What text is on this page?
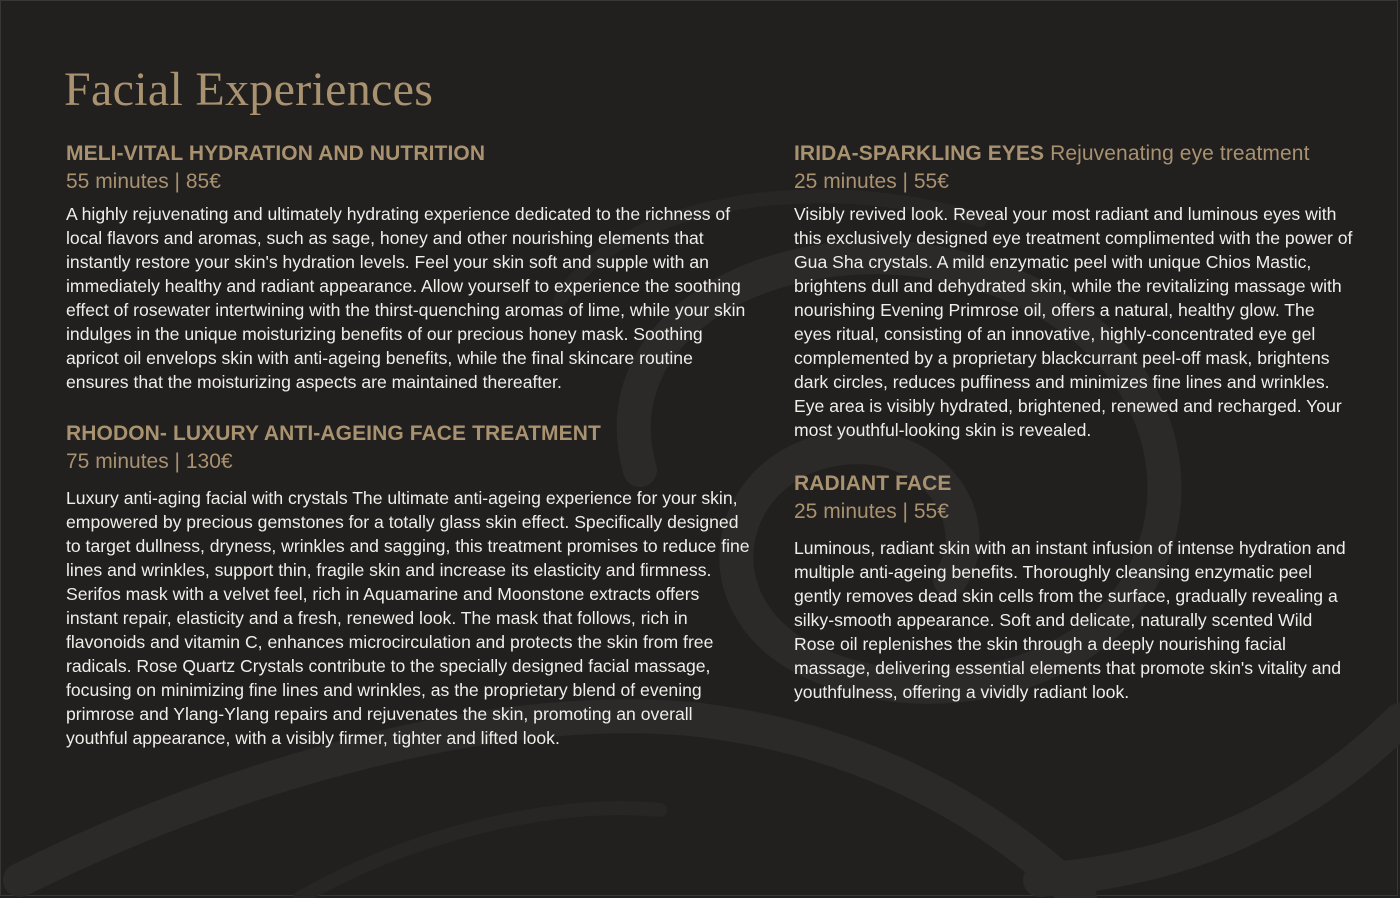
Facial Experiences
MELI-VITAL HYDRATION AND NUTRITION
55 minutes | 85€

A highly rejuvenating and ultimately hydrating experience dedicated to the richness of local flavors and aromas, such as sage, honey and other nourishing elements that instantly restore your skin's hydration levels. Feel your skin soft and supple with an immediately healthy and radiant appearance. Allow yourself to experience the soothing effect of rosewater intertwining with the thirst-quenching aromas of lime, while your skin indulges in the unique moisturizing benefits of our precious honey mask. Soothing apricot oil envelops skin with anti-ageing benefits, while the final skincare routine ensures that the moisturizing aspects are maintained thereafter.

RHODON- LUXURY ANTI-AGEING FACE TREATMENT
75 minutes | 130€

Luxury anti-aging facial with crystals The ultimate anti-ageing experience for your skin, empowered by precious gemstones for a totally glass skin effect. Specifically designed to target dullness, dryness, wrinkles and sagging, this treatment promises to reduce fine lines and wrinkles, support thin, fragile skin and increase its elasticity and firmness. Serifos mask with a velvet feel, rich in Aquamarine and Moonstone extracts offers instant repair, elasticity and a fresh, renewed look. The mask that follows, rich in flavonoids and vitamin C, enhances microcirculation and protects the skin from free radicals. Rose Quartz Crystals contribute to the specially designed facial massage, focusing on minimizing fine lines and wrinkles, as the proprietary blend of evening primrose and Ylang-Ylang repairs and rejuvenates the skin, promoting an overall youthful appearance, with a visibly firmer, tighter and lifted look.

IRIDA-SPARKLING EYES Rejuvenating eye treatment
25 minutes | 55€

Visibly revived look. Reveal your most radiant and luminous eyes with this exclusively designed eye treatment complimented with the power of Gua Sha crystals. A mild enzymatic peel with unique Chios Mastic, brightens dull and dehydrated skin, while the revitalizing massage with nourishing Evening Primrose oil, offers a natural, healthy glow. The eyes ritual, consisting of an innovative, highly-concentrated eye gel complemented by a proprietary blackcurrant peel-off mask, brightens dark circles, reduces puffiness and minimizes fine lines and wrinkles. Eye area is visibly hydrated, brightened, renewed and recharged. Your most youthful-looking skin is revealed.

RADIANT FACE
25 minutes | 55€

Luminous, radiant skin with an instant infusion of intense hydration and multiple anti-ageing benefits. Thoroughly cleansing enzymatic peel gently removes dead skin cells from the surface, gradually revealing a silky-smooth appearance. Soft and delicate, naturally scented Wild Rose oil replenishes the skin through a deeply nourishing facial massage, delivering essential elements that promote skin's vitality and youthfulness, offering a vividly radiant look.
